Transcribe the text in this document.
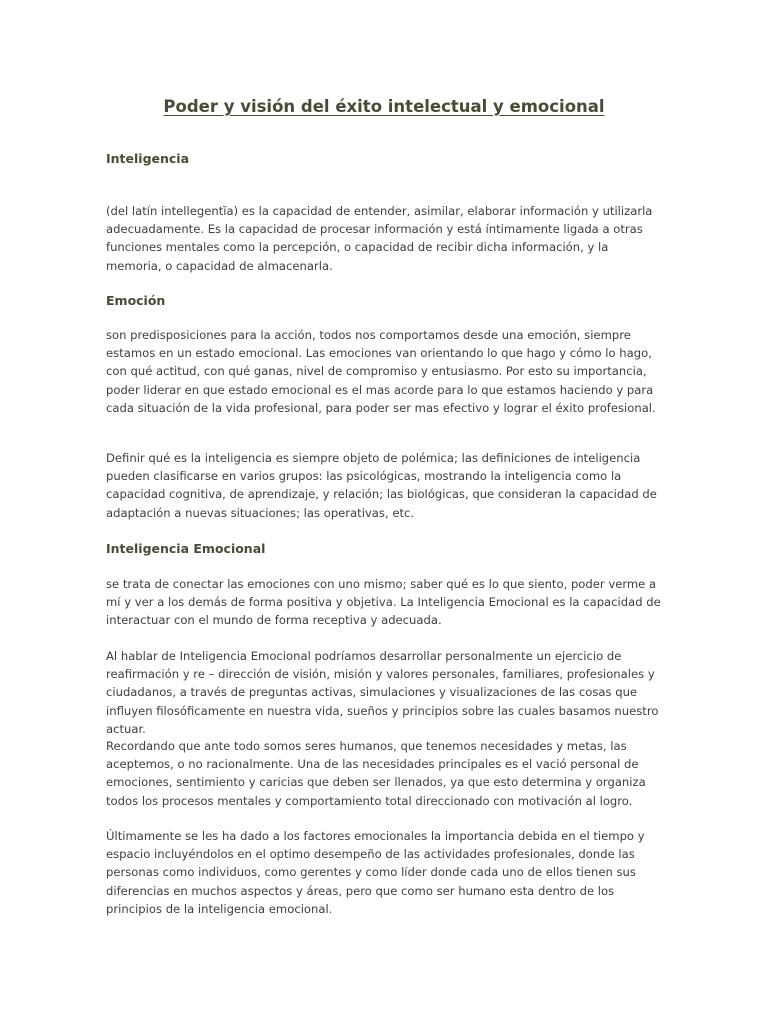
Poder y visión del éxito intelectual y emocional
Inteligencia

(del latín intellegentĭa) es la capacidad de entender, asimilar, elaborar información y utilizarla adecuadamente. Es la capacidad de procesar información y está íntimamente ligada a otras funciones mentales como la percepción, o capacidad de recibir dicha información, y la memoria, o capacidad de almacenarla.

Emoción

son predisposiciones para la acción, todos nos comportamos desde una emoción, siempre estamos en un estado emocional. Las emociones van orientando lo que hago y cómo lo hago, con qué actitud, con qué ganas, nivel de compromiso y entusiasmo. Por esto su importancia, poder liderar en que estado emocional es el mas acorde para lo que estamos haciendo y para cada situación de la vida profesional, para poder ser mas efectivo y lograr el éxito profesional.

Definir qué es la inteligencia es siempre objeto de polémica; las definiciones de inteligencia pueden clasificarse en varios grupos: las psicológicas, mostrando la inteligencia como la capacidad cognitiva, de aprendizaje, y relación; las biológicas, que consideran la capacidad de adaptación a nuevas situaciones; las operativas, etc.

Inteligencia Emocional

se trata de conectar las emociones con uno mismo; saber qué es lo que siento, poder verme a mí y ver a los demás de forma positiva y objetiva. La Inteligencia Emocional es la capacidad de interactuar con el mundo de forma receptiva y adecuada.

Al hablar de Inteligencia Emocional podríamos desarrollar personalmente un ejercicio de reafirmación y re – dirección de visión, misión y valores personales, familiares, profesionales y ciudadanos, a través de preguntas activas, simulaciones y visualizaciones de las cosas que influyen filosóficamente en nuestra vida, sueños y principios sobre las cuales basamos nuestro actuar.

Recordando que ante todo somos seres humanos, que tenemos necesidades y metas, las aceptemos, o no racionalmente. Una de las necesidades principales es el vació personal de emociones, sentimiento y caricias que deben ser llenados, ya que esto determina y organiza todos los procesos mentales y comportamiento total direccionado con motivación al logro.

Últimamente se les ha dado a los factores emocionales la importancia debida en el tiempo y espacio incluyéndolos en el optimo desempeño de las actividades profesionales, donde las personas como individuos, como gerentes y como líder donde cada uno de ellos tienen sus diferencias en muchos aspectos y áreas, pero que como ser humano esta dentro de los principios de la inteligencia emocional.
